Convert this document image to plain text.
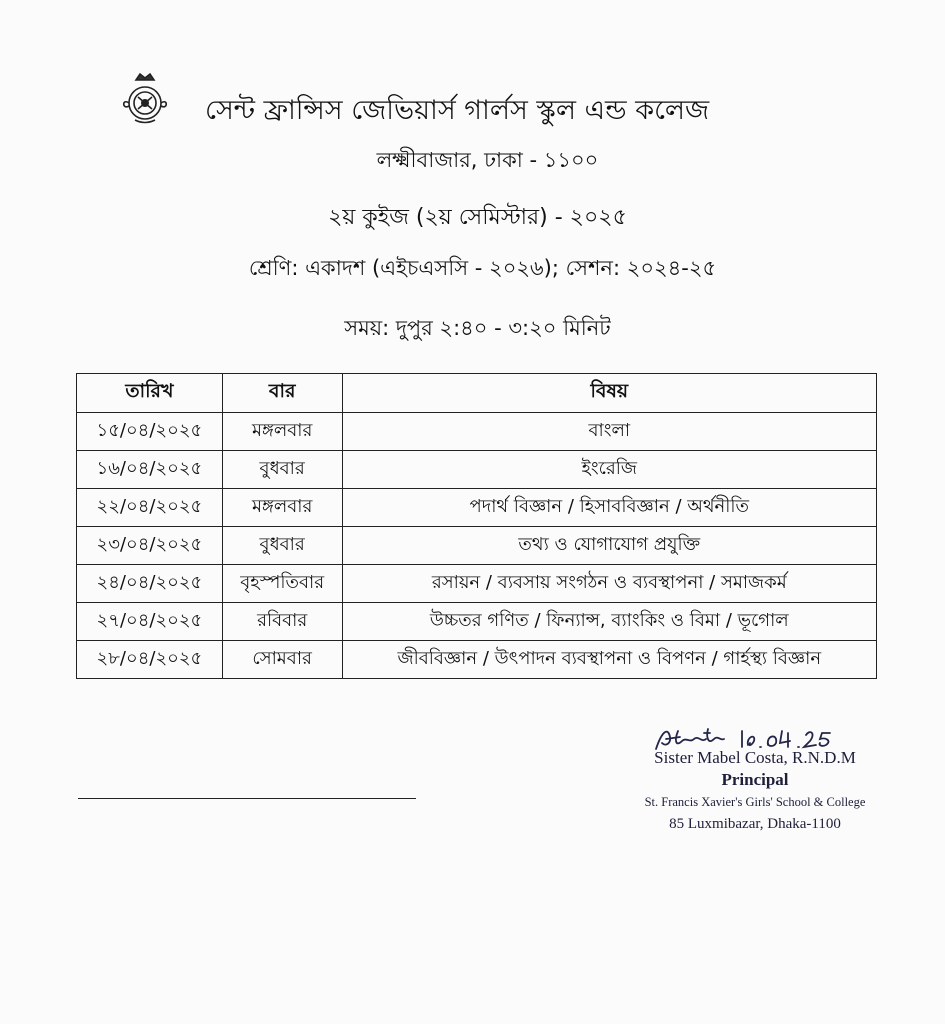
সেন্ট ফ্রান্সিস জেভিয়ার্স গার্লস স্কুল এন্ড কলেজ
লক্ষ্মীবাজার, ঢাকা - ১১০০
২য় কুইজ (২য় সেমিস্টার) - ২০২৫
শ্রেণি: একাদশ (এইচএসসি - ২০২৬); সেশন: ২০২৪-২৫
সময়: দুপুর ২:৪০ - ৩:২০ মিনিট
তারিখ	বার	বিষয়
১৫/০৪/২০২৫	মঙ্গলবার	বাংলা
১৬/০৪/২০২৫	বুধবার	ইংরেজি
২২/০৪/২০২৫	মঙ্গলবার	পদার্থ বিজ্ঞান / হিসাববিজ্ঞান / অর্থনীতি
২৩/০৪/২০২৫	বুধবার	তথ্য ও যোগাযোগ প্রযুক্তি
২৪/০৪/২০২৫	বৃহস্পতিবার	রসায়ন / ব্যবসায় সংগঠন ও ব্যবস্থাপনা / সমাজকর্ম
২৭/০৪/২০২৫	রবিবার	উচ্চতর গণিত / ফিন্যান্স, ব্যাংকিং ও বিমা / ভূগোল
২৮/০৪/২০২৫	সোমবার	জীববিজ্ঞান / উৎপাদন ব্যবস্থাপনা ও বিপণন / গার্হস্থ্য বিজ্ঞান
Sister Mabel Costa, R.N.D.M
Principal
St. Francis Xavier's Girls' School & College
85 Luxmibazar, Dhaka-1100
